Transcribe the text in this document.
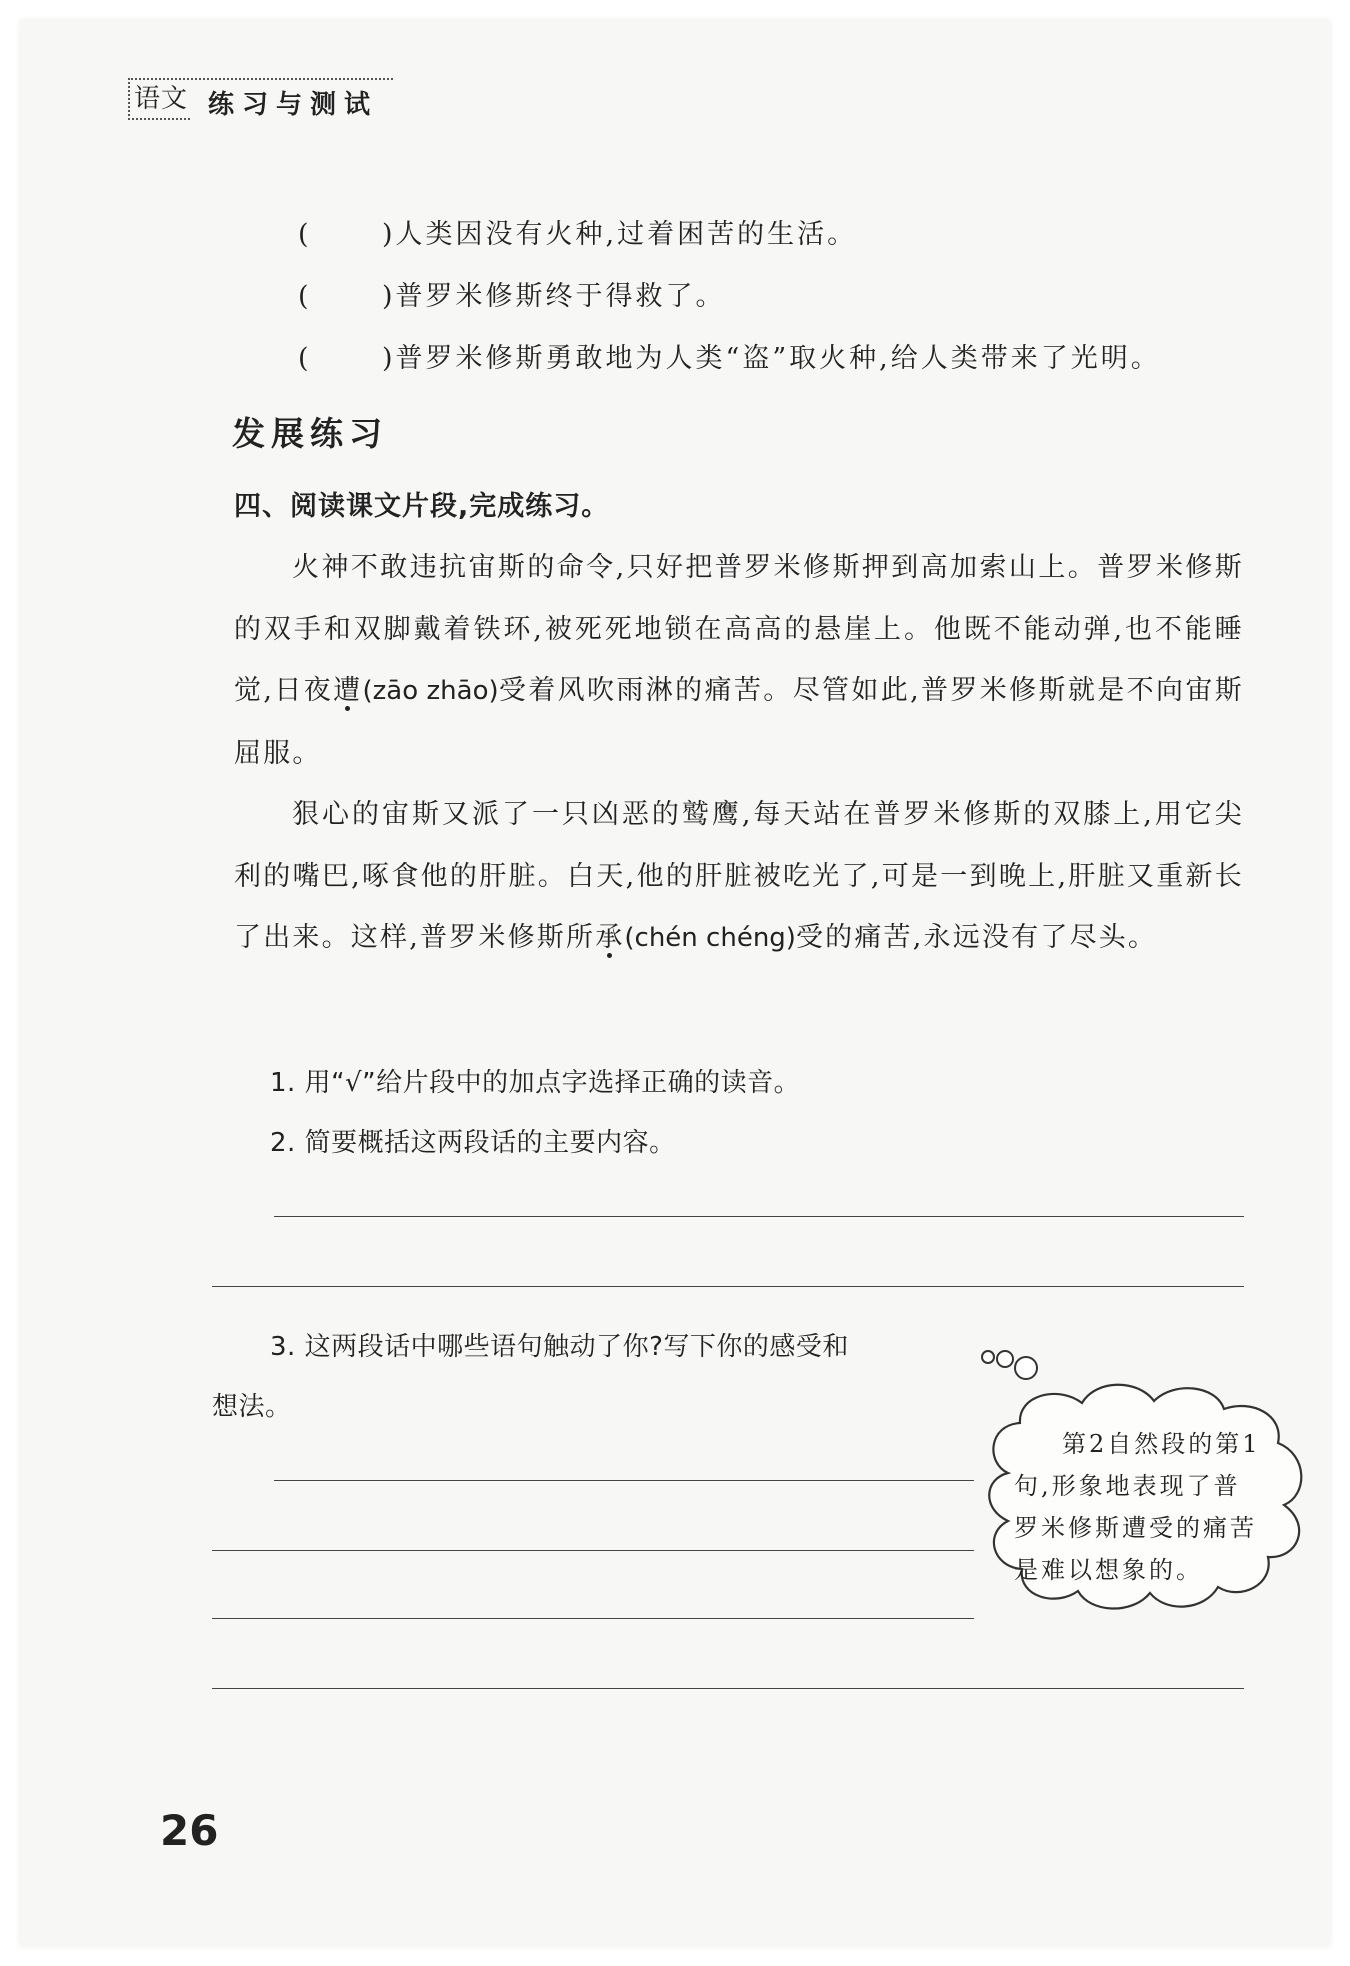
语文 练习与测试
(	)人类因没有火种,过着困苦的生活。
(	)普罗米修斯终于得救了。
(	)普罗米修斯勇敢地为人类“盗”取火种,给人类带来了光明。
发展练习
四、阅读课文片段,完成练习。

火神不敢违抗宙斯的命令,只好把普罗米修斯押到高加索山上。普罗米修斯的双手和双脚戴着铁环,被死死地锁在高高的悬崖上。他既不能动弹,也不能睡觉,日夜遭(zāo zhāo)受着风吹雨淋的痛苦。尽管如此,普罗米修斯就是不向宙斯屈服。

狠心的宙斯又派了一只凶恶的鹫鹰,每天站在普罗米修斯的双膝上,用它尖利的嘴巴,啄食他的肝脏。白天,他的肝脏被吃光了,可是一到晚上,肝脏又重新长了出来。这样,普罗米修斯所承(chén chéng)受的痛苦,永远没有了尽头。

1. 用“√”给片段中的加点字选择正确的读音。
2. 简要概括这两段话的主要内容。
3. 这两段话中哪些语句触动了你?写下你的感受和
想法。
第2自然段的第1
句,形象地表现了普
罗米修斯遭受的痛苦
是难以想象的。
26
